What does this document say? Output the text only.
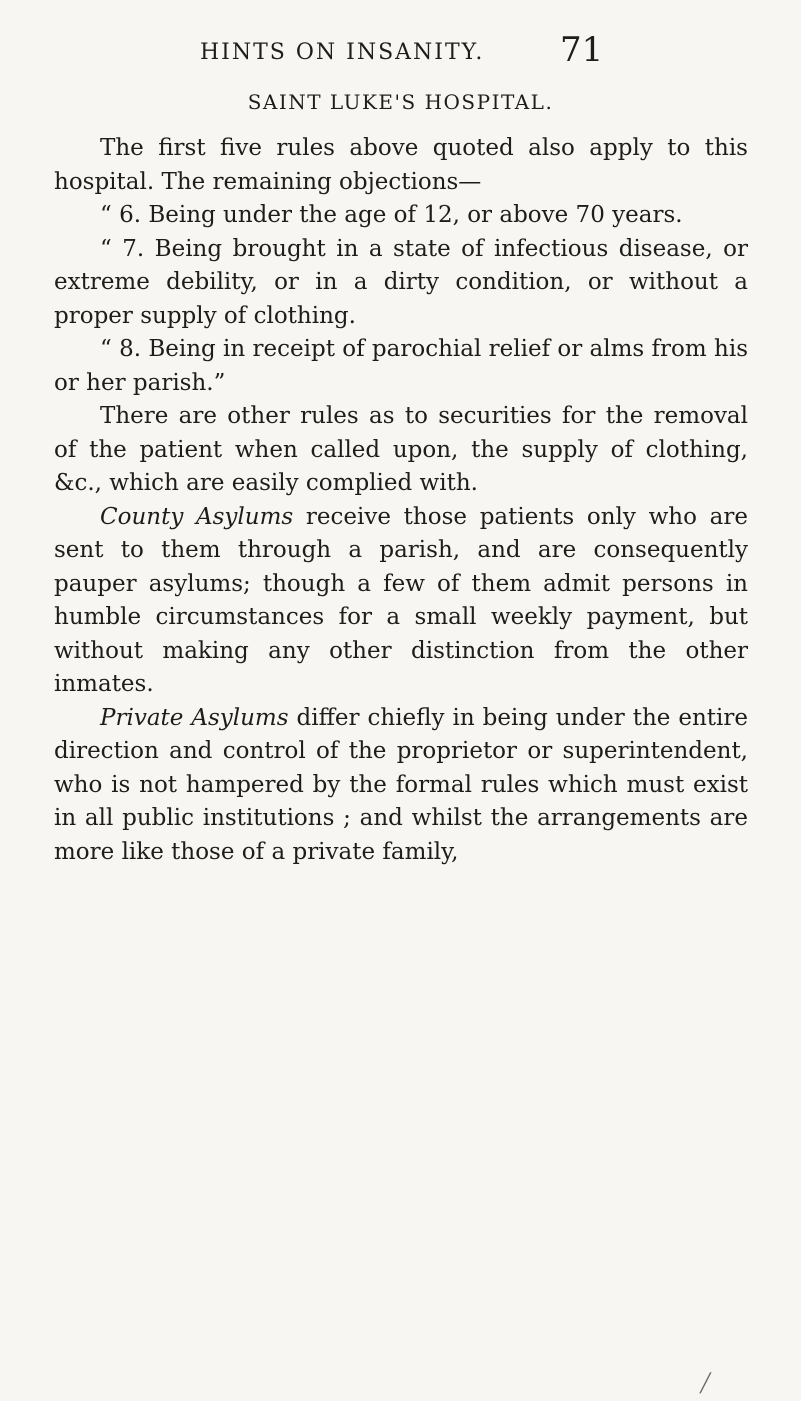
HINTS ON INSANITY. 71
SAINT LUKE'S HOSPITAL.

The first five rules above quoted also apply to this hospital. The remaining objections—

“ 6. Being under the age of 12, or above 70 years.

“ 7. Being brought in a state of infectious disease, or extreme debility, or in a dirty condition, or without a proper supply of clothing.

“ 8. Being in receipt of parochial relief or alms from his or her parish.”

There are other rules as to securities for the removal of the patient when called upon, the supply of clothing, &c., which are easily complied with.

County Asylums receive those patients only who are sent to them through a parish, and are consequently pauper asylums; though a few of them admit persons in humble circumstances for a small weekly payment, but without making any other distinction from the other inmates.

Private Asylums differ chiefly in being under the entire direction and control of the proprietor or superintendent, who is not hampered by the formal rules which must exist in all public institutions ; and whilst the arrangements are more like those of a private family,

╱
